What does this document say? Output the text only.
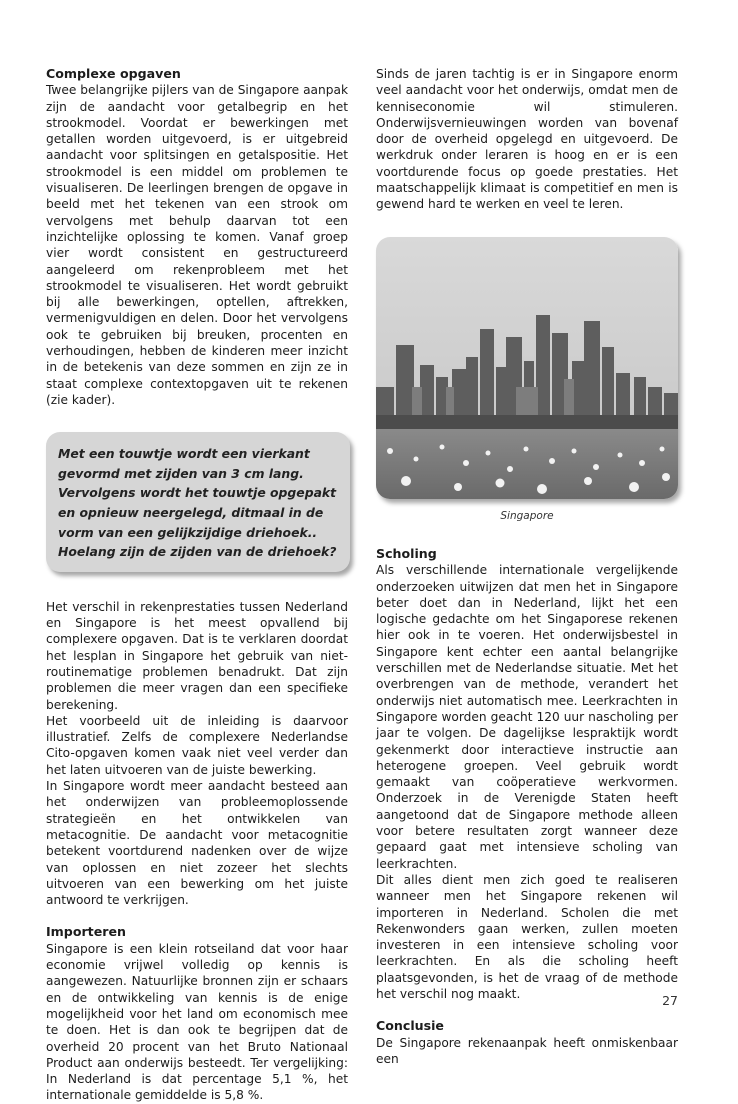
Complexe opgaven

Twee belangrijke pijlers van de Singapore aanpak zijn de aandacht voor getalbegrip en het strookmodel. Voordat er bewerkingen met getallen worden uitgevoerd, is er uitgebreid aandacht voor splitsingen en getalspositie. Het strookmodel is een middel om problemen te visualiseren. De leerlingen brengen de opgave in beeld met het tekenen van een strook om vervolgens met behulp daarvan tot een inzichtelijke oplossing te komen. Vanaf groep vier wordt consistent en gestructureerd aangeleerd om rekenprobleem met het strookmodel te visualiseren. Het wordt gebruikt bij alle bewerkingen, optellen, aftrekken, vermenigvuldigen en delen. Door het vervolgens ook te gebruiken bij breuken, procenten en verhoudingen, hebben de kinderen meer inzicht in de betekenis van deze sommen en zijn ze in staat complexe contextopgaven uit te rekenen (zie kader).

Met een touwtje wordt een vierkant gevormd met zijden van 3 cm lang. Vervolgens wordt het touwtje opgepakt en opnieuw neergelegd, ditmaal in de vorm van een gelijkzijdige driehoek.. Hoelang zijn de zijden van de driehoek?

Het verschil in rekenprestaties tussen Nederland en Singapore is het meest opvallend bij complexere opgaven. Dat is te verklaren doordat het lesplan in Singapore het gebruik van niet-routinematige problemen benadrukt. Dat zijn problemen die meer vragen dan een specifieke berekening.

Het voorbeeld uit de inleiding is daarvoor illustratief. Zelfs de complexere Nederlandse Cito-opgaven komen vaak niet veel verder dan het laten uitvoeren van de juiste bewerking.

In Singapore wordt meer aandacht besteed aan het onderwijzen van probleemoplossende strategieën en het ontwikkelen van metacognitie. De aandacht voor metacognitie betekent voortdurend nadenken over de wijze van oplossen en niet zozeer het slechts uitvoeren van een bewerking om het juiste antwoord te verkrijgen.

Importeren

Singapore is een klein rotseiland dat voor haar economie vrijwel volledig op kennis is aangewezen. Natuurlijke bronnen zijn er schaars en de ontwikkeling van kennis is de enige mogelijkheid voor het land om economisch mee te doen. Het is dan ook te begrijpen dat de overheid 20 procent van het Bruto Nationaal Product aan onderwijs besteedt. Ter vergelijking: In Nederland is dat percentage 5,1 %, het internationale gemiddelde is 5,8 %.

Sinds de jaren tachtig is er in Singapore enorm veel aandacht voor het onderwijs, omdat men de kenniseconomie wil stimuleren. Onderwijsvernieuwingen worden van bovenaf door de overheid opgelegd en uitgevoerd. De werkdruk onder leraren is hoog en er is een voortdurende focus op goede prestaties. Het maatschappelijk klimaat is competitief en men is gewend hard te werken en veel te leren.

Singapore
Scholing

Als verschillende internationale vergelijkende onderzoeken uitwijzen dat men het in Singapore beter doet dan in Nederland, lijkt het een logische gedachte om het Singaporese rekenen hier ook in te voeren. Het onderwijsbestel in Singapore kent echter een aantal belangrijke verschillen met de Nederlandse situatie. Met het overbrengen van de methode, verandert het onderwijs niet automatisch mee. Leerkrachten in Singapore worden geacht 120 uur nascholing per jaar te volgen. De dagelijkse lespraktijk wordt gekenmerkt door interactieve instructie aan heterogene groepen. Veel gebruik wordt gemaakt van coöperatieve werkvormen. Onderzoek in de Verenigde Staten heeft aangetoond dat de Singapore methode alleen voor betere resultaten zorgt wanneer deze gepaard gaat met intensieve scholing van leerkrachten.

Dit alles dient men zich goed te realiseren wanneer men het Singapore rekenen wil importeren in Nederland. Scholen die met Rekenwonders gaan werken, zullen moeten investeren in een intensieve scholing voor leerkrachten. En als die scholing heeft plaatsgevonden, is het de vraag of de methode het verschil nog maakt.

Conclusie

De Singapore rekenaanpak heeft onmiskenbaar een

27
